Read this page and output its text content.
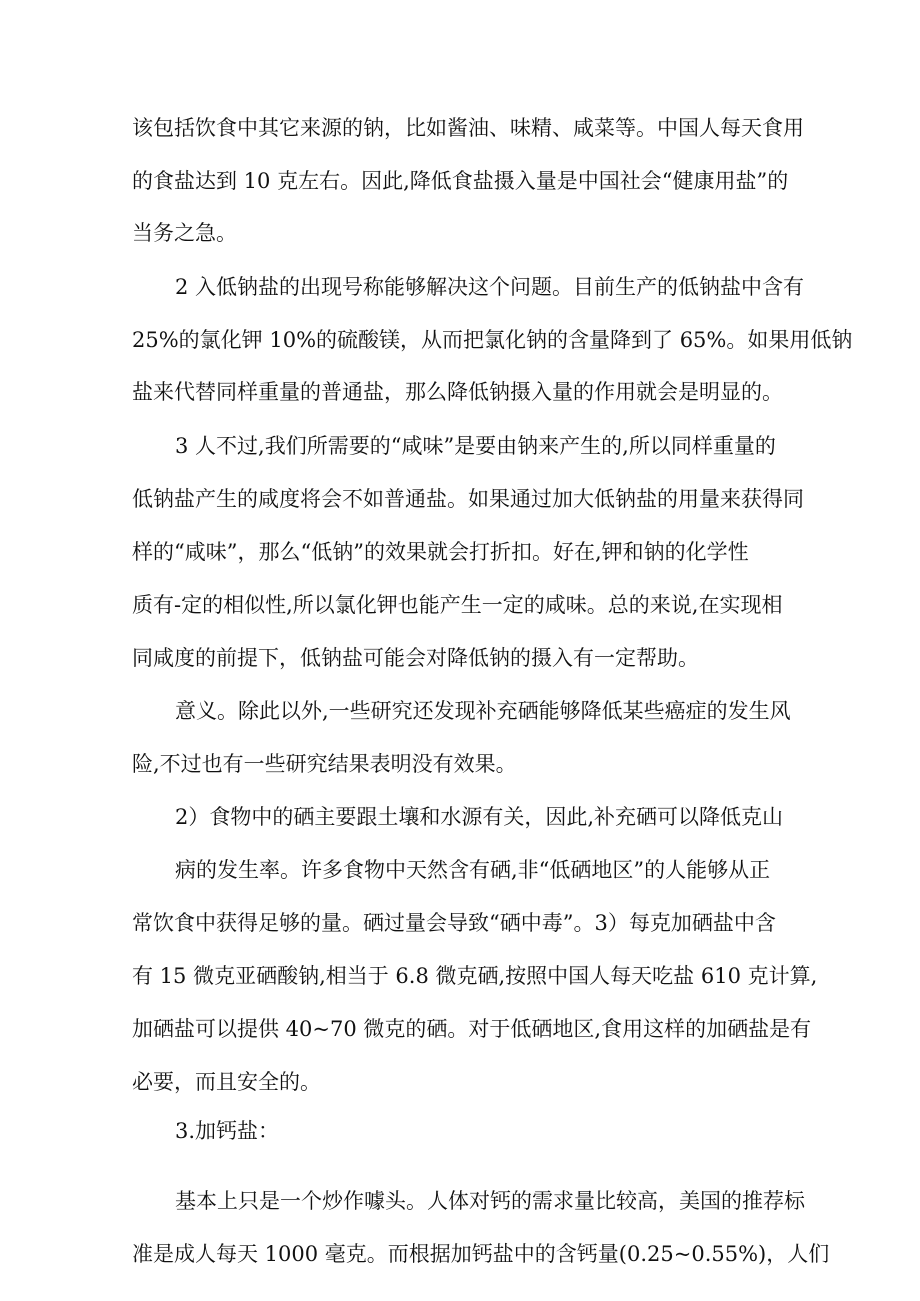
该包括饮食中其它来源的钠，比如酱油、味精、咸菜等。中国人每天食用
的食盐达到 10 克左右。因此,降低食盐摄入量是中国社会“健康用盐”的
当务之急。
2 入低钠盐的出现号称能够解决这个问题。目前生产的低钠盐中含有
25%的氯化钾 10%的硫酸镁，从而把氯化钠的含量降到了 65%。如果用低钠
盐来代替同样重量的普通盐，那么降低钠摄入量的作用就会是明显的。
3 人不过,我们所需要的“咸味”是要由钠来产生的,所以同样重量的
低钠盐产生的咸度将会不如普通盐。如果通过加大低钠盐的用量来获得同
样的“咸味”，那么“低钠”的效果就会打折扣。好在,钾和钠的化学性
质有-定的相似性,所以氯化钾也能产生一定的咸味。总的来说,在实现相
同咸度的前提下，低钠盐可能会对降低钠的摄入有一定帮助。
意义。除此以外,一些研究还发现补充硒能够降低某些癌症的发生风
险,不过也有一些研究结果表明没有效果。
2）食物中的硒主要跟土壤和水源有关，因此,补充硒可以降低克山
病的发生率。许多食物中天然含有硒,非“低硒地区”的人能够从正
常饮食中获得足够的量。硒过量会导致“硒中毒”。3）每克加硒盐中含
有 15 微克亚硒酸钠,相当于 6.8 微克硒,按照中国人每天吃盐 610 克计算,
加硒盐可以提供 40~70 微克的硒。对于低硒地区,食用这样的加硒盐是有
必要，而且安全的。
3.加钙盐：
基本上只是一个炒作噱头。人体对钙的需求量比较高，美国的推荐标
准是成人每天 1000 毫克。而根据加钙盐中的含钙量(0.25~0.55%)，人们
